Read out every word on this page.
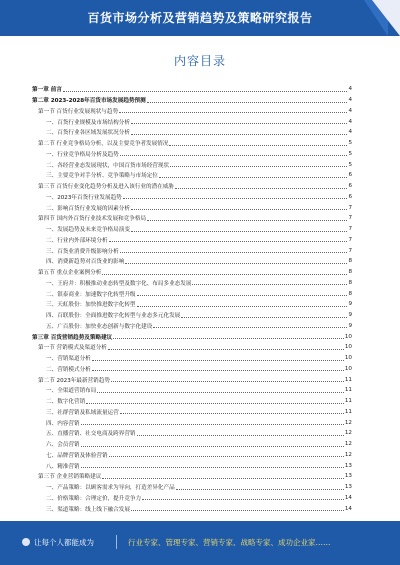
百货市场分析及营销趋势及策略研究报告
内容目录
第一章 前言	4
第二章 2023-2028年百货市场发展趋势预测	4
第一节 百货行业发展现状与趋势	4
一、百货行业规模及市场结构分析	4
二、百货行业各区域发展状况分析	4
第二节 行业竞争格局分析，以及主要竞争者发展情况	5
一、行业竞争格局分析及趋势	5
二、各经营业态发展现状，中国百货市场经营现状	5
三、主要竞争对手分析、竞争策略与市场定位	6
第三节 百货行业变化趋势分析及进入该行业的潜在威胁	6
一、2023年百货行业发展趋势	6
二、影响百货行业发展的因素分析	7
第四节 国内外百货行业技术发展和竞争格局	7
一、发展趋势及未来竞争格局演变	7
二、行业内外部环境分析	7
三、百货业消费升级影响分析	7
四、消费新趋势对百货业的影响	8
第五节 重点企业案例分析	8
一、王府井：积极推动业态转型及数字化、布局多业态发展	8
二、银泰商业：加速数字化转型升级	8
三、天虹股份：加快推进数字化转型	9
四、百联股份：全面推进数字化转型与业态多元化发展	9
五、广百股份：加快业态创新与数字化建设	9
第三章 百货营销趋势及策略建议	10
第一节 营销模式及渠道分析	10
一、营销渠道分析	10
二、营销模式分析	10
第二节 2023年最新营销趋势	11
一、全渠道营销布局	11
二、数字化营销	11
三、社群营销及私域流量运营	11
四、内容营销	12
五、直播营销、社交电商及跨界营销	12
六、会员营销	12
七、品牌营销及体验营销	12
八、精准营销	13
第三节 企业营销策略建议	13
一、产品策略：以顾客需求为导向，打造差异化产品	13
二、价格策略：合理定价，提升竞争力	14
三、渠道策略：线上线下融合发展	14
让每个人都能成为	行业专家、管理专家、营销专家、战略专家、成功企业家……
